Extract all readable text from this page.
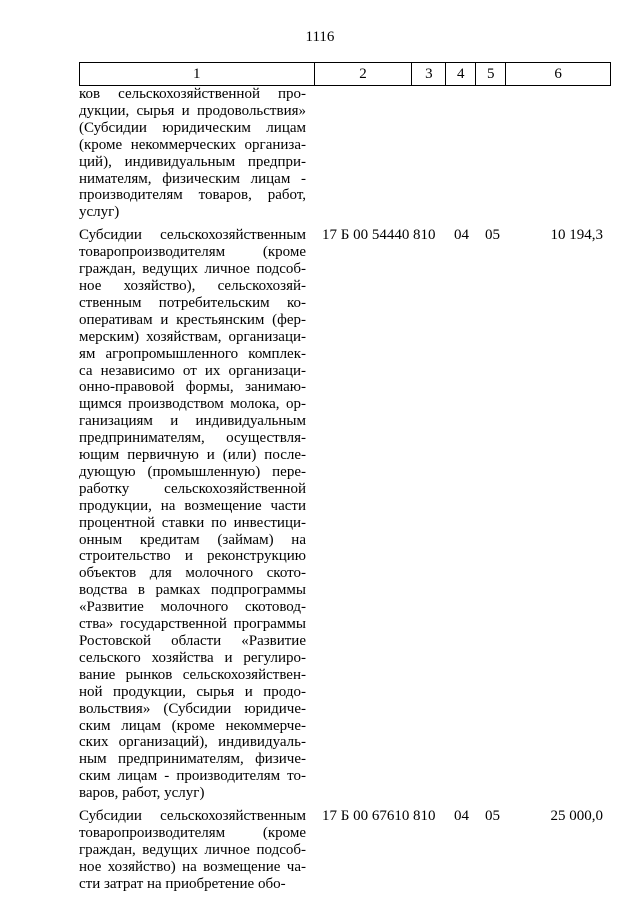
1116
1	2	3	4	5	6
ков сельскохозяйственной про-
дукции, сырья и продовольствия»
(Субсидии юридическим лицам
(кроме некоммерческих организа-
ций), индивидуальным предпри-
нимателям, физическим лицам -
производителям товаров, работ,
услуг)
Субсидии сельскохозяйственным
товаропроизводителям (кроме
граждан, ведущих личное подсоб-
ное хозяйство), сельскохозяй-
ственным потребительским ко-
оперативам и крестьянским (фер-
мерским) хозяйствам, организаци-
ям агропромышленного комплек-
са независимо от их организаци-
онно-правовой формы, занимаю-
щимся производством молока, ор-
ганизациям и индивидуальным
предпринимателям, осуществля-
ющим первичную и (или) после-
дующую (промышленную) пере-
работку сельскохозяйственной
продукции, на возмещение части
процентной ставки по инвестици-
онным кредитам (займам) на
строительство и реконструкцию
объектов для молочного ското-
водства в рамках подпрограммы
«Развитие молочного скотовод-
ства» государственной программы
Ростовской области «Развитие
сельского хозяйства и регулиро-
вание рынков сельскохозяйствен-
ной продукции, сырья и продо-
вольствия» (Субсидии юридиче-
ским лицам (кроме некоммерче-
ских организаций), индивидуаль-
ным предпринимателям, физиче-
ским лицам - производителям то-
варов, работ, услуг)
17 Б 00 54440 810 04 05	10 194,3
Субсидии сельскохозяйственным
товаропроизводителям (кроме
граждан, ведущих личное подсоб-
ное хозяйство) на возмещение ча-
сти затрат на приобретение обо-
17 Б 00 67610 810 04 05	25 000,0
